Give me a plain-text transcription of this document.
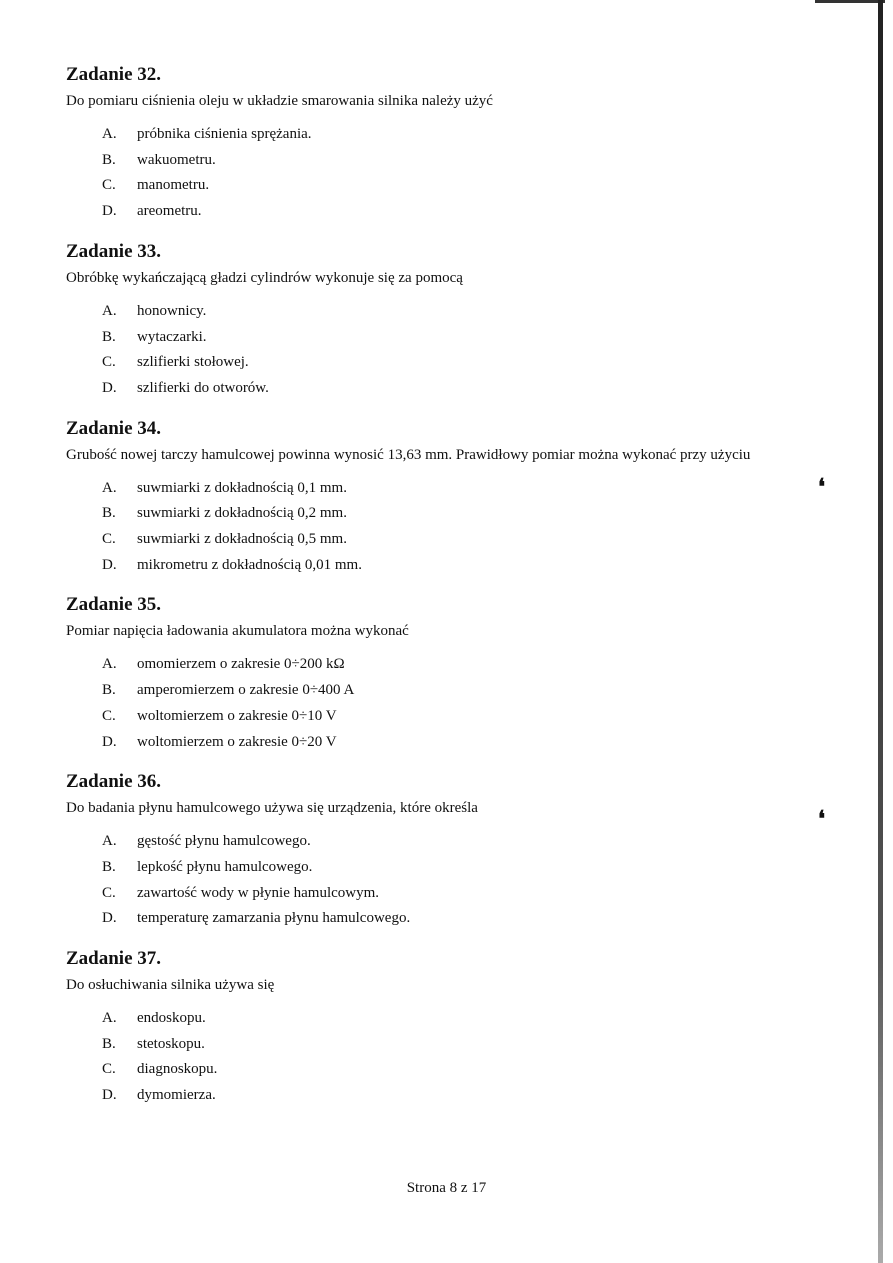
❛
❛
Zadanie 32.
Do pomiaru ciśnienia oleju w układzie smarowania silnika należy użyć
A.	próbnika ciśnienia sprężania.
B.	wakuometru.
C.	manometru.
D.	areometru.
Zadanie 33.
Obróbkę wykańczającą gładzi cylindrów wykonuje się za pomocą
A.	honownicy.
B.	wytaczarki.
C.	szlifierki stołowej.
D.	szlifierki do otworów.
Zadanie 34.
Grubość nowej tarczy hamulcowej powinna wynosić 13,63 mm. Prawidłowy pomiar można wykonać przy użyciu
A.	suwmiarki z dokładnością 0,1 mm.
B.	suwmiarki z dokładnością 0,2 mm.
C.	suwmiarki z dokładnością 0,5 mm.
D.	mikrometru z dokładnością 0,01 mm.
Zadanie 35.
Pomiar napięcia ładowania akumulatora można wykonać
A.	omomierzem o zakresie 0÷200 kΩ
B.	amperomierzem o zakresie 0÷400 A
C.	woltomierzem o zakresie 0÷10 V
D.	woltomierzem o zakresie 0÷20 V
Zadanie 36.
Do badania płynu hamulcowego używa się urządzenia, które określa
A.	gęstość płynu hamulcowego.
B.	lepkość płynu hamulcowego.
C.	zawartość wody w płynie hamulcowym.
D.	temperaturę zamarzania płynu hamulcowego.
Zadanie 37.
Do osłuchiwania silnika używa się
A.	endoskopu.
B.	stetoskopu.
C.	diagnoskopu.
D.	dymomierza.
Strona 8 z 17
